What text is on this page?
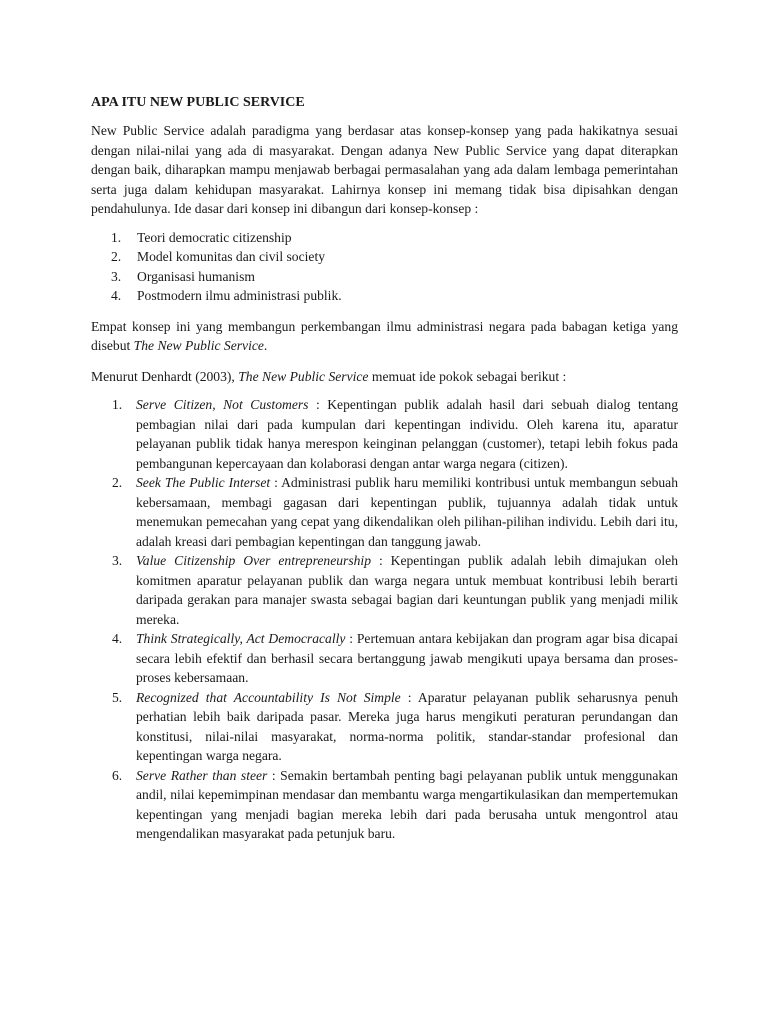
APA ITU NEW PUBLIC SERVICE

New Public Service adalah paradigma yang berdasar atas konsep-konsep yang pada hakikatnya sesuai dengan nilai-nilai yang ada di masyarakat. Dengan adanya New Public Service yang dapat diterapkan dengan baik, diharapkan mampu menjawab berbagai permasalahan yang ada dalam lembaga pemerintahan serta juga dalam kehidupan masyarakat. Lahirnya konsep ini memang tidak bisa dipisahkan dengan pendahulunya. Ide dasar dari konsep ini dibangun dari konsep-konsep :

1. Teori democratic citizenship
2. Model komunitas dan civil society
3. Organisasi humanism
4. Postmodern ilmu administrasi publik.

Empat konsep ini yang membangun perkembangan ilmu administrasi negara pada babagan ketiga yang disebut The New Public Service.

Menurut Denhardt (2003), The New Public Service memuat ide pokok sebagai berikut :

1. Serve Citizen, Not Customers : Kepentingan publik adalah hasil dari sebuah dialog tentang pembagian nilai dari pada kumpulan dari kepentingan individu. Oleh karena itu, aparatur pelayanan publik tidak hanya merespon keinginan pelanggan (customer), tetapi lebih fokus pada pembangunan kepercayaan dan kolaborasi dengan antar warga negara (citizen).
2. Seek The Public Interset : Administrasi publik haru memiliki kontribusi untuk membangun sebuah kebersamaan, membagi gagasan dari kepentingan publik, tujuannya adalah tidak untuk menemukan pemecahan yang cepat yang dikendalikan oleh pilihan-pilihan individu. Lebih dari itu, adalah kreasi dari pembagian kepentingan dan tanggung jawab.
3. Value Citizenship Over entrepreneurship : Kepentingan publik adalah lebih dimajukan oleh komitmen aparatur pelayanan publik dan warga negara untuk membuat kontribusi lebih berarti daripada gerakan para manajer swasta sebagai bagian dari keuntungan publik yang menjadi milik mereka.
4. Think Strategically, Act Democracally : Pertemuan antara kebijakan dan program agar bisa dicapai secara lebih efektif dan berhasil secara bertanggung jawab mengikuti upaya bersama dan proses-proses kebersamaan.
5. Recognized that Accountability Is Not Simple : Aparatur pelayanan publik seharusnya penuh perhatian lebih baik daripada pasar. Mereka juga harus mengikuti peraturan perundangan dan konstitusi, nilai-nilai masyarakat, norma-norma politik, standar-standar profesional dan kepentingan warga negara.
6. Serve Rather than steer : Semakin bertambah penting bagi pelayanan publik untuk menggunakan andil, nilai kepemimpinan mendasar dan membantu warga mengartikulasikan dan mempertemukan kepentingan yang menjadi bagian mereka lebih dari pada berusaha untuk mengontrol atau mengendalikan masyarakat pada petunjuk baru.
